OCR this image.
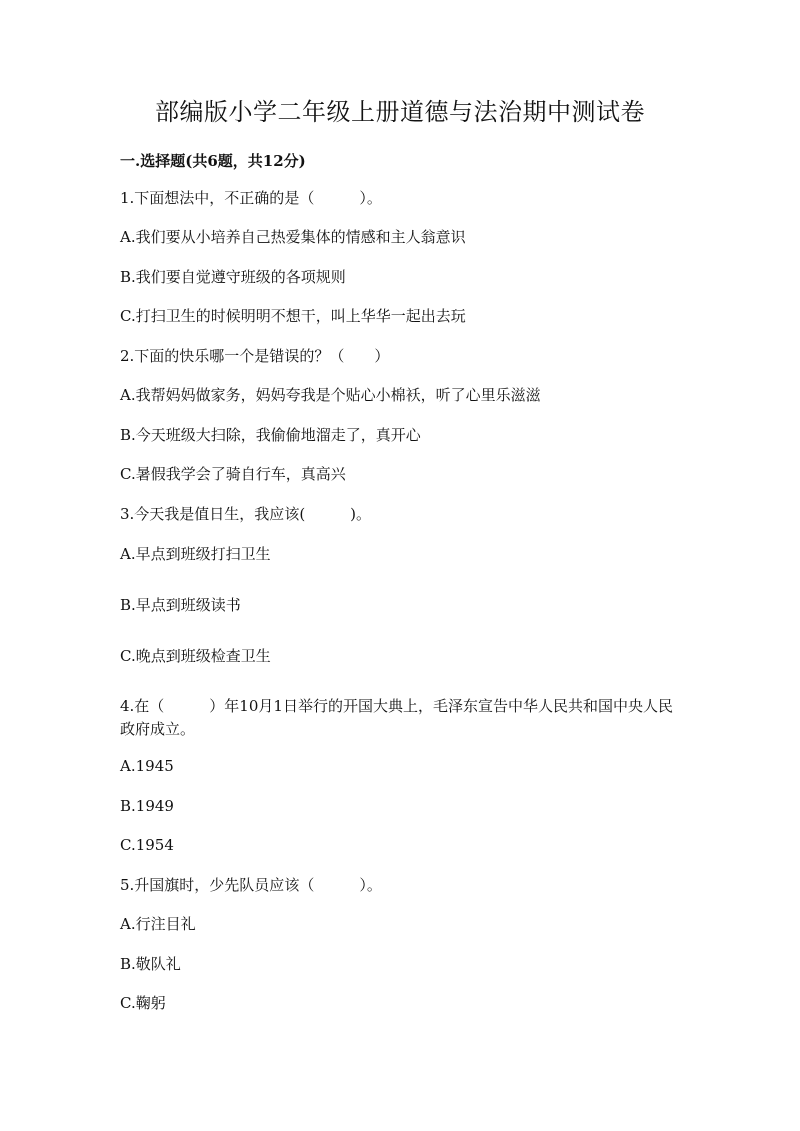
部编版小学二年级上册道德与法治期中测试卷
一.选择题(共6题，共12分)
1.下面想法中，不正确的是（　　　）。
A.我们要从小培养自己热爱集体的情感和主人翁意识
B.我们要自觉遵守班级的各项规则
C.打扫卫生的时候明明不想干，叫上华华一起出去玩
2.下面的快乐哪一个是错误的？（　　）
A.我帮妈妈做家务，妈妈夸我是个贴心小棉袄，听了心里乐滋滋
B.今天班级大扫除，我偷偷地溜走了，真开心
C.暑假我学会了骑自行车，真高兴
3.今天我是值日生，我应该(　　　)。
A.早点到班级打扫卫生
B.早点到班级读书
C.晚点到班级检查卫生
4.在（　　　）年10月1日举行的开国大典上，毛泽东宣告中华人民共和国中央人民政府成立。
A.1945
B.1949
C.1954
5.升国旗时，少先队员应该（　　　）。
A.行注目礼
B.敬队礼
C.鞠躬
